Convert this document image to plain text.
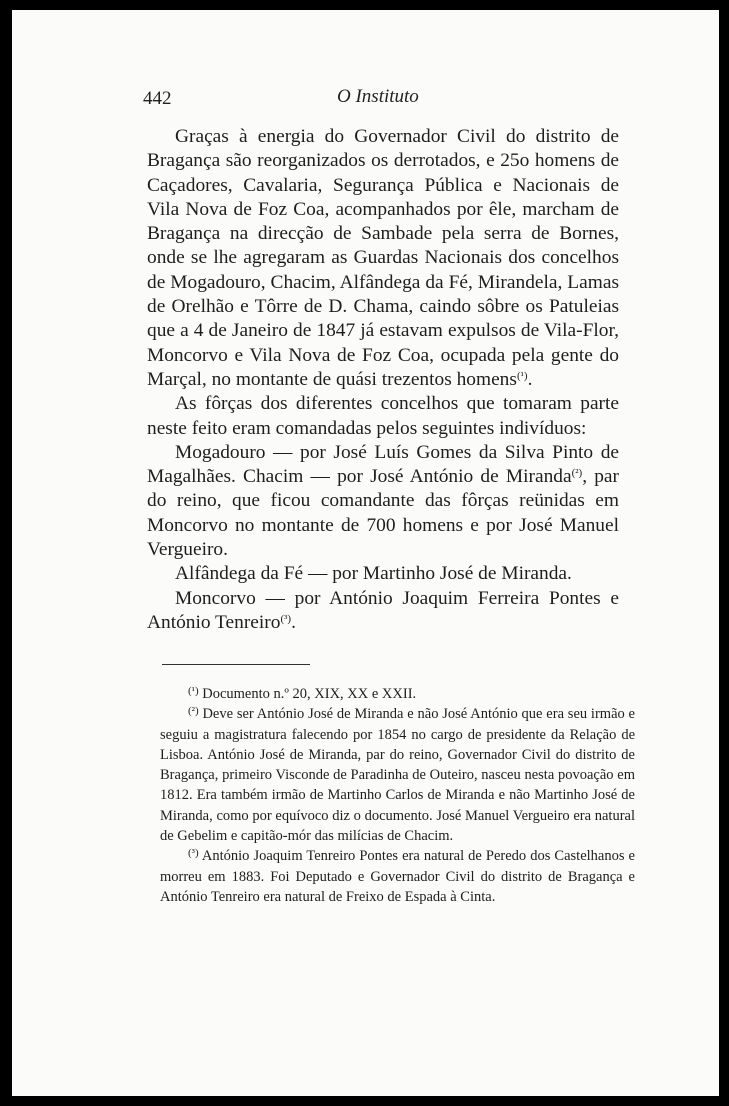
442	O Instituto

Graças à energia do Governador Civil do distrito de Bragança são reorganizados os derrotados, e 25o homens de Caçadores, Cavalaria, Segurança Pública e Nacionais de Vila Nova de Foz Coa, acompanhados por êle, marcham de Bragança na direcção de Sambade pela serra de Bornes, onde se lhe agregaram as Guardas Nacionais dos concelhos de Mogadouro, Chacim, Alfândega da Fé, Mirandela, Lamas de Orelhão e Tôrre de D. Chama, caindo sôbre os Patuleias que a 4 de Janeiro de 1847 já estavam expulsos de Vila-Flor, Moncorvo e Vila Nova de Foz Coa, ocupada pela gente do Marçal, no montante de quási trezentos homens$^{(^1)}$.

As fôrças dos diferentes concelhos que tomaram parte neste feito eram comandadas pelos seguintes indivíduos:

Mogadouro — por José Luís Gomes da Silva Pinto de Magalhães. Chacim — por José António de Miranda$^{(^2)}$, par do reino, que ficou comandante das fôrças reünidas em Moncorvo no montante de 700 homens e por José Manuel Vergueiro.

Alfândega da Fé — por Martinho José de Miranda.

Moncorvo — por António Joaquim Ferreira Pontes e António Tenreiro$^{(^3)}$.

$^{(^1)}$ Documento n.º 20, XIX, XX e XXII.

$^{(^2)}$ Deve ser António José de Miranda e não José António que era seu irmão e seguiu a magistratura falecendo por 1854 no cargo de presidente da Relação de Lisboa. António José de Miranda, par do reino, Governador Civil do distrito de Bragança, primeiro Visconde de Paradinha de Outeiro, nasceu nesta povoação em 1812. Era também irmão de Martinho Carlos de Miranda e não Martinho José de Miranda, como por equívoco diz o documento. José Manuel Vergueiro era natural de Gebelim e capitão-mór das milícias de Chacim.

$^{(^3)}$ António Joaquim Tenreiro Pontes era natural de Peredo dos Castelhanos e morreu em 1883. Foi Deputado e Governador Civil do distrito de Bragança e António Tenreiro era natural de Freixo de Espada à Cinta.
